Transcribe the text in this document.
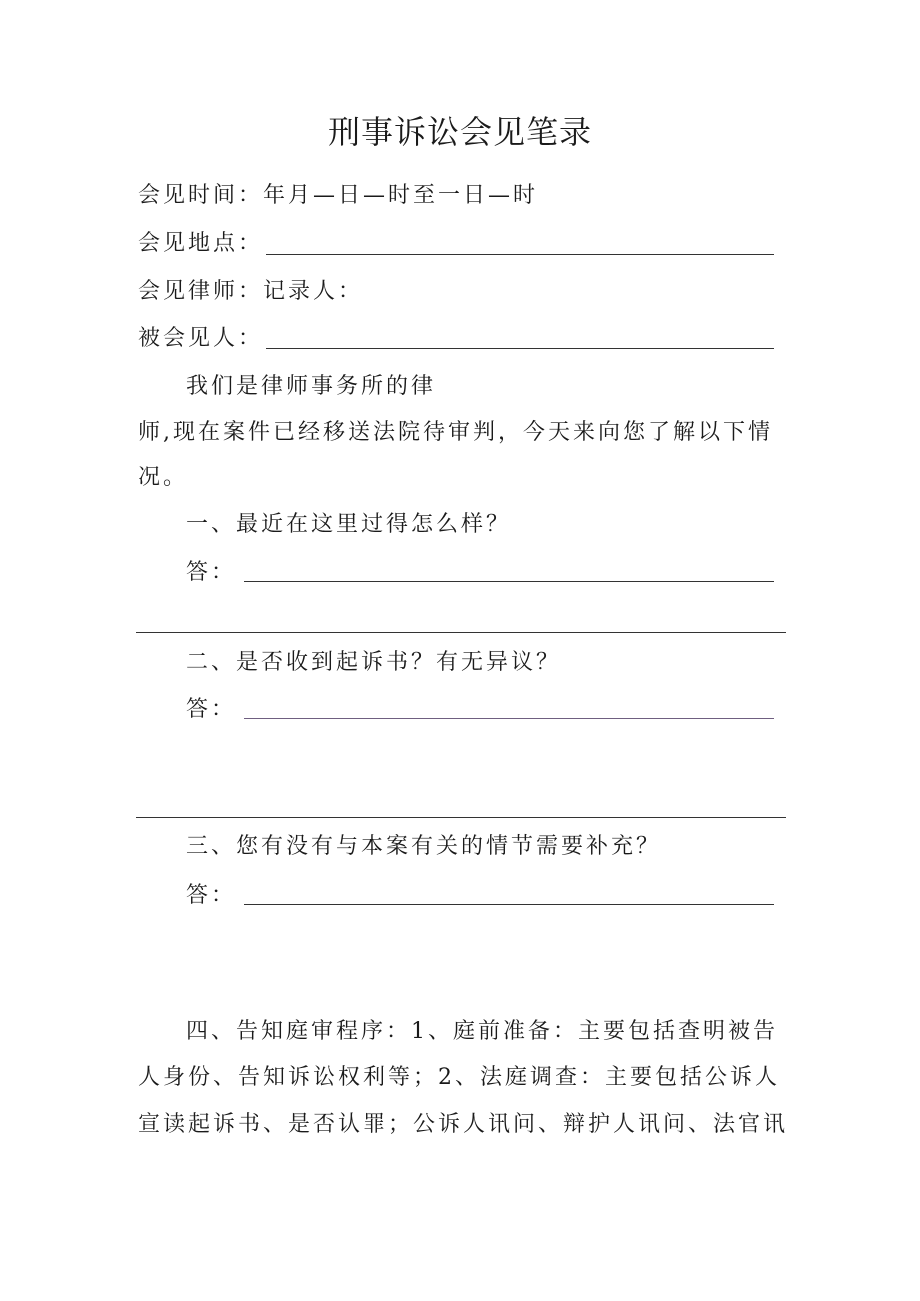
刑事诉讼会见笔录
会见时间：年月—日—时至一日—时
会见地点：
会见律师：记录人：
被会见人：
我们是律师事务所的律
师,现在案件已经移送法院待审判，今天来向您了解以下情
况。
一、最近在这里过得怎么样？
答：
二、是否收到起诉书？有无异议？
答：
三、您有没有与本案有关的情节需要补充？
答：
四、告知庭审程序：1、庭前准备：主要包括查明被告
人身份、告知诉讼权利等；2、法庭调查：主要包括公诉人
宣读起诉书、是否认罪；公诉人讯问、辩护人讯问、法官讯
